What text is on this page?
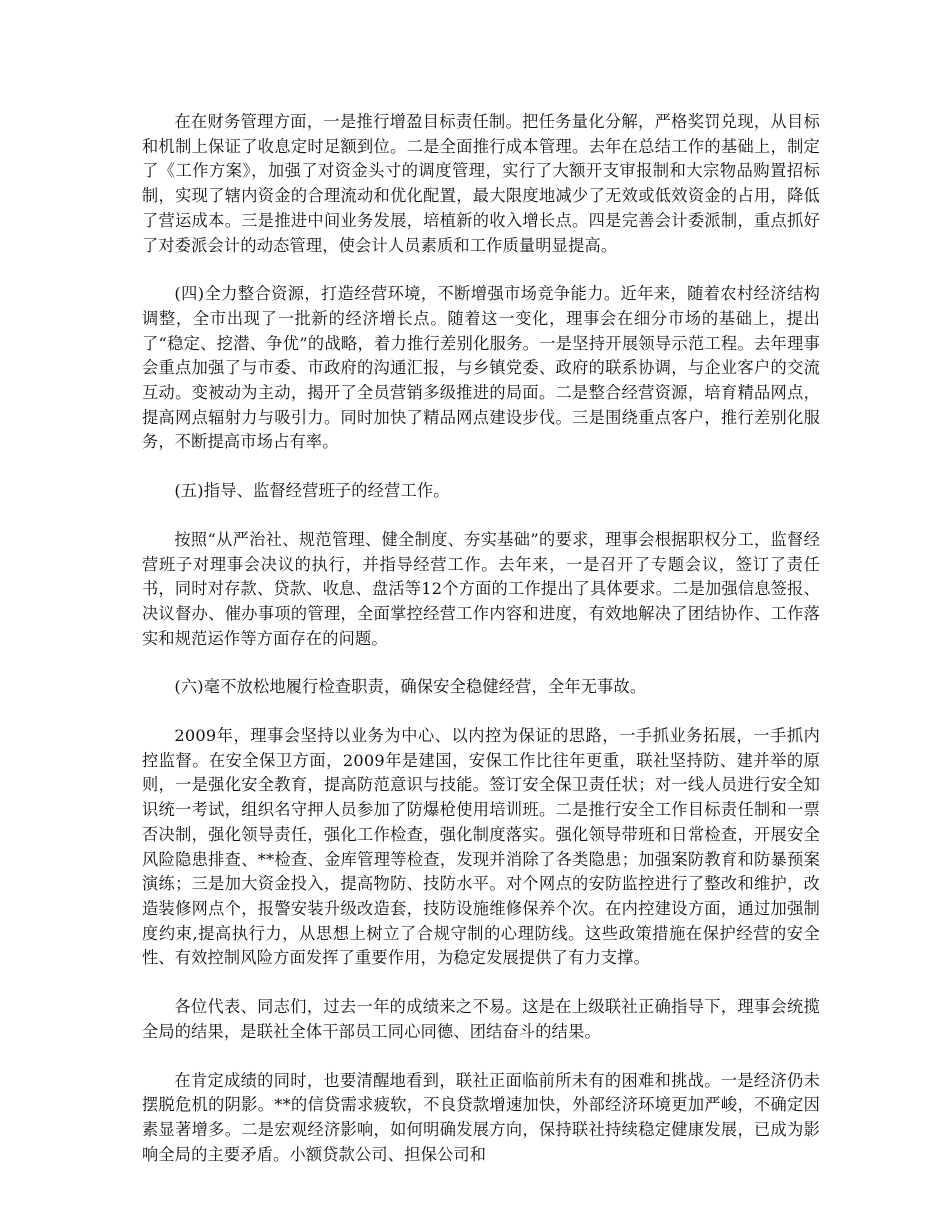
在在财务管理方面，一是推行增盈目标责任制。把任务量化分解，严格奖罚兑现，从目标和机制上保证了收息定时足额到位。二是全面推行成本管理。去年在总结工作的基础上，制定了《工作方案》，加强了对资金头寸的调度管理，实行了大额开支审报制和大宗物品购置招标制，实现了辖内资金的合理流动和优化配置，最大限度地减少了无效或低效资金的占用，降低了营运成本。三是推进中间业务发展，培植新的收入增长点。四是完善会计委派制，重点抓好了对委派会计的动态管理，使会计人员素质和工作质量明显提高。

(四)全力整合资源，打造经营环境，不断增强市场竞争能力。近年来，随着农村经济结构调整，全市出现了一批新的经济增长点。随着这一变化，理事会在细分市场的基础上，提出了“稳定、挖潜、争优”的战略，着力推行差别化服务。一是坚持开展领导示范工程。去年理事会重点加强了与市委、市政府的沟通汇报，与乡镇党委、政府的联系协调，与企业客户的交流互动。变被动为主动，揭开了全员营销多级推进的局面。二是整合经营资源，培育精品网点，提高网点辐射力与吸引力。同时加快了精品网点建设步伐。三是围绕重点客户，推行差别化服务，不断提高市场占有率。

(五)指导、监督经营班子的经营工作。

按照“从严治社、规范管理、健全制度、夯实基础”的要求，理事会根据职权分工，监督经营班子对理事会决议的执行，并指导经营工作。去年来，一是召开了专题会议，签订了责任书，同时对存款、贷款、收息、盘活等12个方面的工作提出了具体要求。二是加强信息签报、决议督办、催办事项的管理，全面掌控经营工作内容和进度，有效地解决了团结协作、工作落实和规范运作等方面存在的问题。

(六)毫不放松地履行检查职责，确保安全稳健经营，全年无事故。

2009年，理事会坚持以业务为中心、以内控为保证的思路，一手抓业务拓展，一手抓内控监督。在安全保卫方面，2009年是建国，安保工作比往年更重，联社坚持防、建并举的原则，一是强化安全教育，提高防范意识与技能。签订安全保卫责任状；对一线人员进行安全知识统一考试，组织名守押人员参加了防爆枪使用培训班。二是推行安全工作目标责任制和一票否决制，强化领导责任，强化工作检查，强化制度落实。强化领导带班和日常检查，开展安全风险隐患排查、**检查、金库管理等检查，发现并消除了各类隐患；加强案防教育和防暴预案演练；三是加大资金投入，提高物防、技防水平。对个网点的安防监控进行了整改和维护，改造装修网点个，报警安装升级改造套，技防设施维修保养个次。在内控建设方面，通过加强制度约束,提高执行力，从思想上树立了合规守制的心理防线。这些政策措施在保护经营的安全性、有效控制风险方面发挥了重要作用，为稳定发展提供了有力支撑。

各位代表、同志们，过去一年的成绩来之不易。这是在上级联社正确指导下，理事会统揽全局的结果，是联社全体干部员工同心同德、团结奋斗的结果。

在肯定成绩的同时，也要清醒地看到，联社正面临前所未有的困难和挑战。一是经济仍未摆脱危机的阴影。**的信贷需求疲软，不良贷款增速加快，外部经济环境更加严峻，不确定因素显著增多。二是宏观经济影响，如何明确发展方向，保持联社持续稳定健康发展，已成为影响全局的主要矛盾。小额贷款公司、担保公司和
